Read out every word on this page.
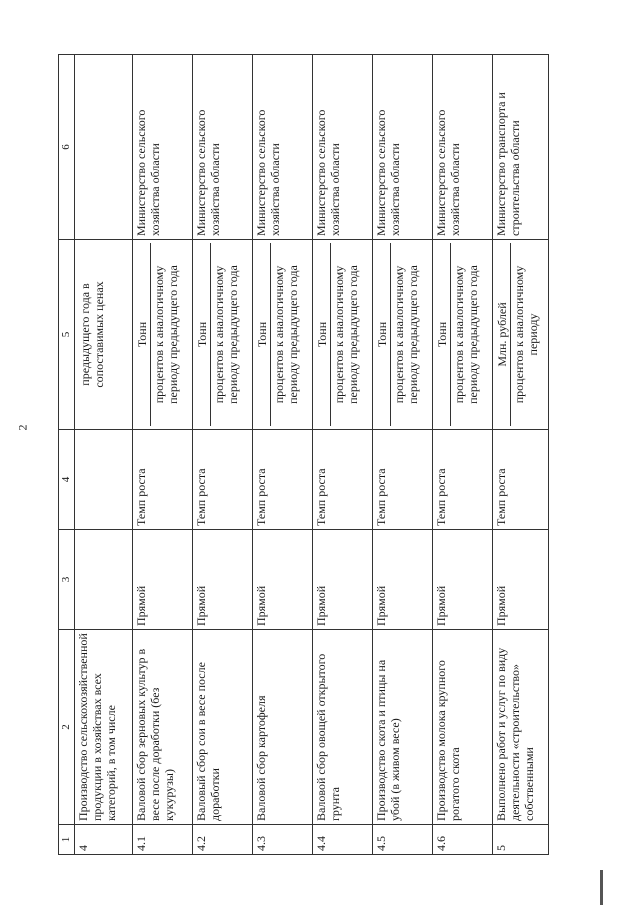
2
1	2	3	4	5	6
4	Производство сельскохозяйственной продукции в хозяйствах всех категорий, в том числе			предыдущего года в сопоставимых ценах	

4.1	Валовой сбор зерновых культур в весе после доработки (без кукурузы)	Прямой	Темп роста	Тонн процентов к аналогичному периоду предыдущего года	Министерство сельского хозяйства области
4.2	Валовый сбор сои в весе после доработки	Прямой	Темп роста	Тонн процентов к аналогичному периоду предыдущего года	Министерство сельского хозяйства области
4.3	Валовой сбор картофеля	Прямой	Темп роста	Тонн процентов к аналогичному периоду предыдущего года	Министерство сельского хозяйства области
4.4	Валовой сбор овощей открытого грунта	Прямой	Темп роста	Тонн процентов к аналогичному периоду предыдущего года	Министерство сельского хозяйства области
4.5	Производство скота и птицы на убой (в живом весе)	Прямой	Темп роста	Тонн процентов к аналогичному периоду предыдущего года	Министерство сельского хозяйства области
4.6	Производство молока крупного рогатого скота	Прямой	Темп роста	Тонн процентов к аналогичному периоду предыдущего года	Министерство сельского хозяйства области
5	Выполнено работ и услуг по виду деятельности «строительство» собственными	Прямой	Темп роста	Млн. рублей процентов к аналогичному периоду	Министерство транспорта и строительства области
